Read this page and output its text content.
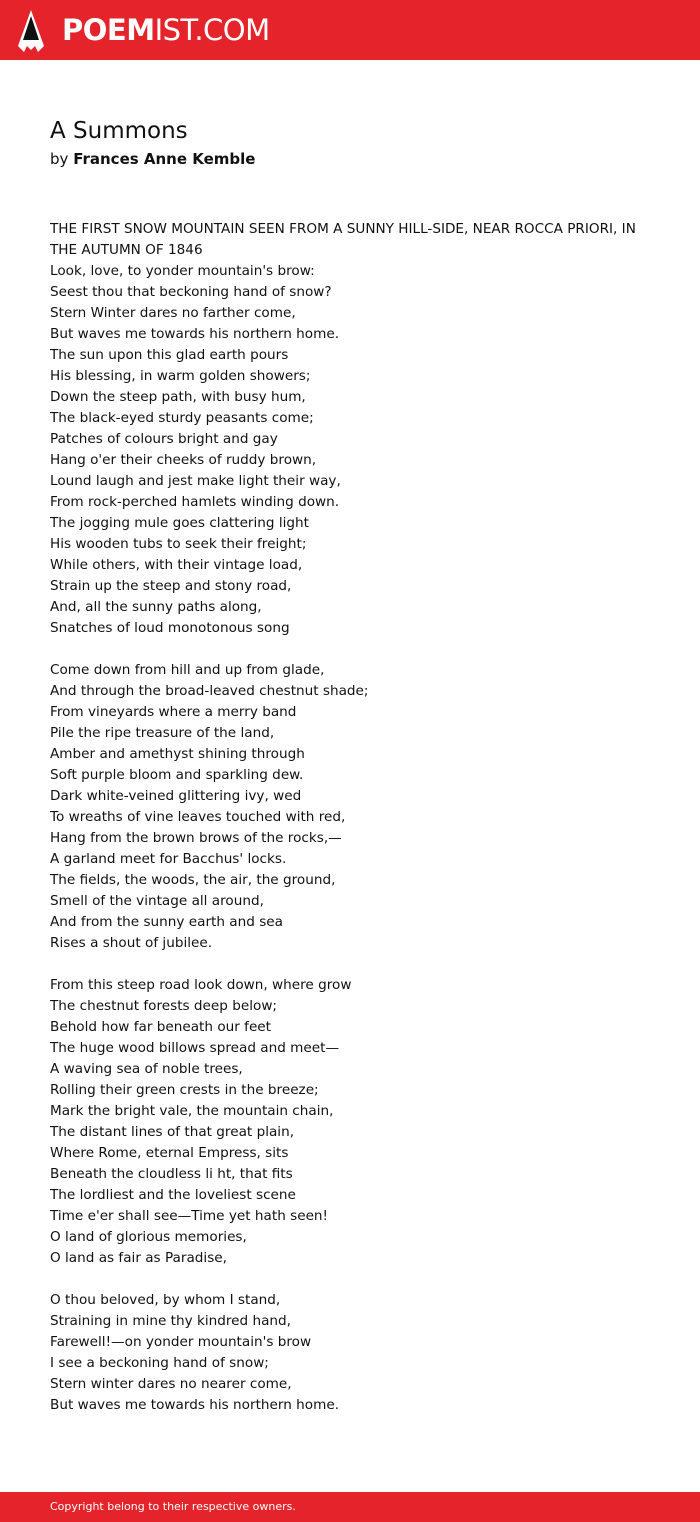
POEMIST.COM
A Summons
by Frances Anne Kemble
THE FIRST SNOW MOUNTAIN SEEN FROM A SUNNY HILL-SIDE, NEAR ROCCA PRIORI, IN THE AUTUMN OF 1846
Look, love, to yonder mountain's brow:
Seest thou that beckoning hand of snow?
Stern Winter dares no farther come,
But waves me towards his northern home.
The sun upon this glad earth pours
His blessing, in warm golden showers;
Down the steep path, with busy hum,
The black-eyed sturdy peasants come;
Patches of colours bright and gay
Hang o'er their cheeks of ruddy brown,
Lound laugh and jest make light their way,
From rock-perched hamlets winding down.
The jogging mule goes clattering light
His wooden tubs to seek their freight;
While others, with their vintage load,
Strain up the steep and stony road,
And, all the sunny paths along,
Snatches of loud monotonous song
Come down from hill and up from glade,
And through the broad-leaved chestnut shade;
From vineyards where a merry band
Pile the ripe treasure of the land,
Amber and amethyst shining through
Soft purple bloom and sparkling dew.
Dark white-veined glittering ivy, wed
To wreaths of vine leaves touched with red,
Hang from the brown brows of the rocks,—
A garland meet for Bacchus' locks.
The fields, the woods, the air, the ground,
Smell of the vintage all around,
And from the sunny earth and sea
Rises a shout of jubilee.
From this steep road look down, where grow
The chestnut forests deep below;
Behold how far beneath our feet
The huge wood billows spread and meet—
A waving sea of noble trees,
Rolling their green crests in the breeze;
Mark the bright vale, the mountain chain,
The distant lines of that great plain,
Where Rome, eternal Empress, sits
Beneath the cloudless li ht, that fits
The lordliest and the loveliest scene
Time e'er shall see—Time yet hath seen!
O land of glorious memories,
O land as fair as Paradise,
O thou beloved, by whom I stand,
Straining in mine thy kindred hand,
Farewell!—on yonder mountain's brow
I see a beckoning hand of snow;
Stern winter dares no nearer come,
But waves me towards his northern home.
Copyright belong to their respective owners.
